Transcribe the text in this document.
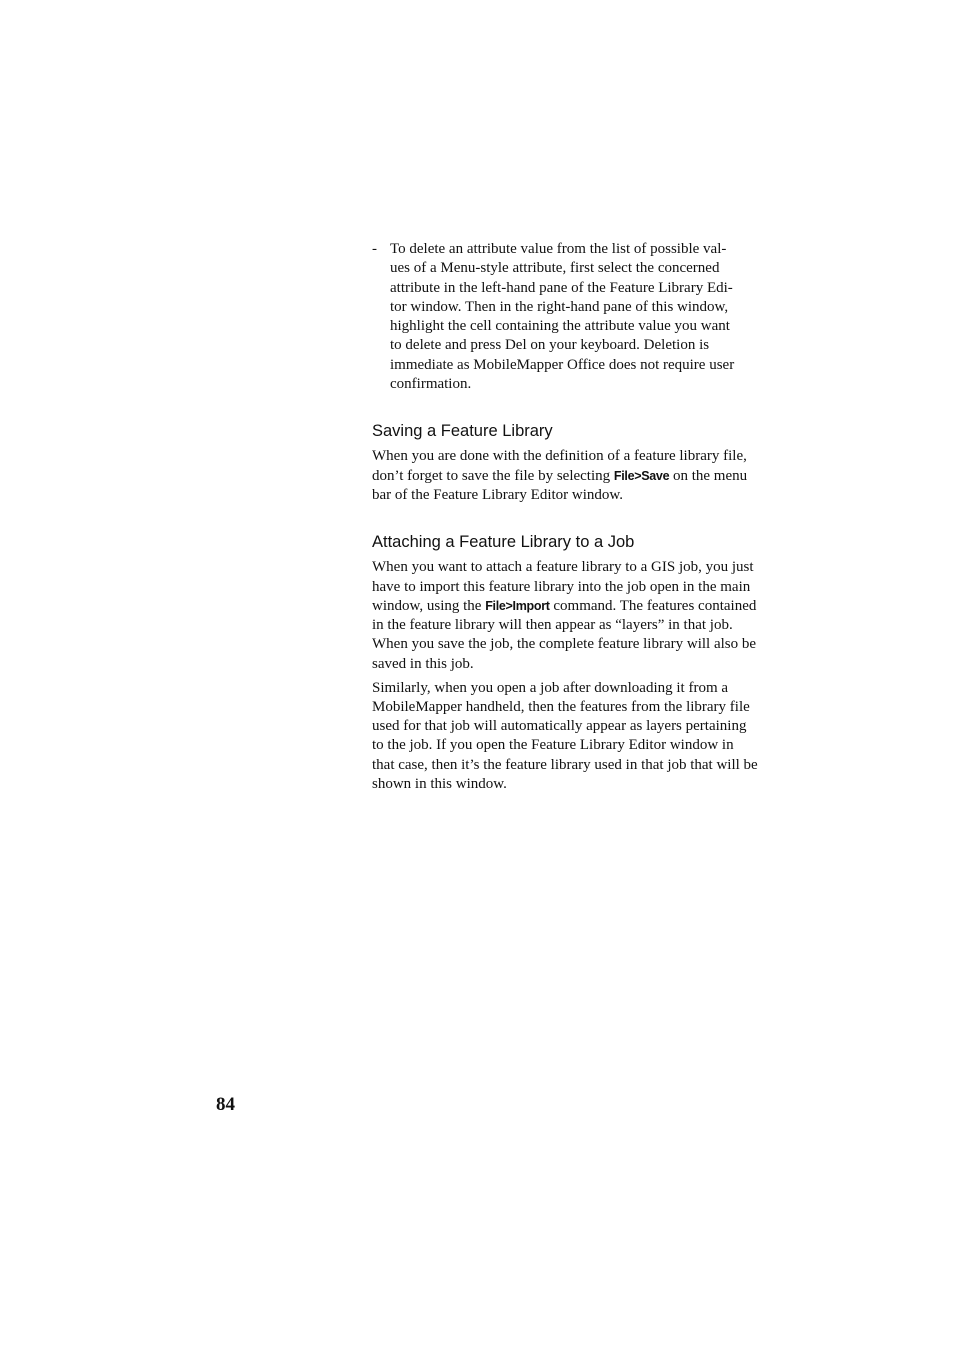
- To delete an attribute value from the list of possible val-
ues of a Menu-style attribute, first select the concerned
attribute in the left-hand pane of the Feature Library Edi-
tor window. Then in the right-hand pane of this window,
highlight the cell containing the attribute value you want
to delete and press Del on your keyboard. Deletion is
immediate as MobileMapper Office does not require user
confirmation.
Saving a Feature Library

When you are done with the definition of a feature library file, don’t forget to save the file by selecting File>Save on the menu bar of the Feature Library Editor window.

Attaching a Feature Library to a Job

When you want to attach a feature library to a GIS job, you just have to import this feature library into the job open in the main window, using the File>Import command. The features contained in the feature library will then appear as “layers” in that job. When you save the job, the complete feature library will also be saved in this job.

Similarly, when you open a job after downloading it from a MobileMapper handheld, then the features from the library file used for that job will automatically appear as layers pertaining to the job. If you open the Feature Library Editor window in that case, then it’s the feature library used in that job that will be shown in this window.

84
